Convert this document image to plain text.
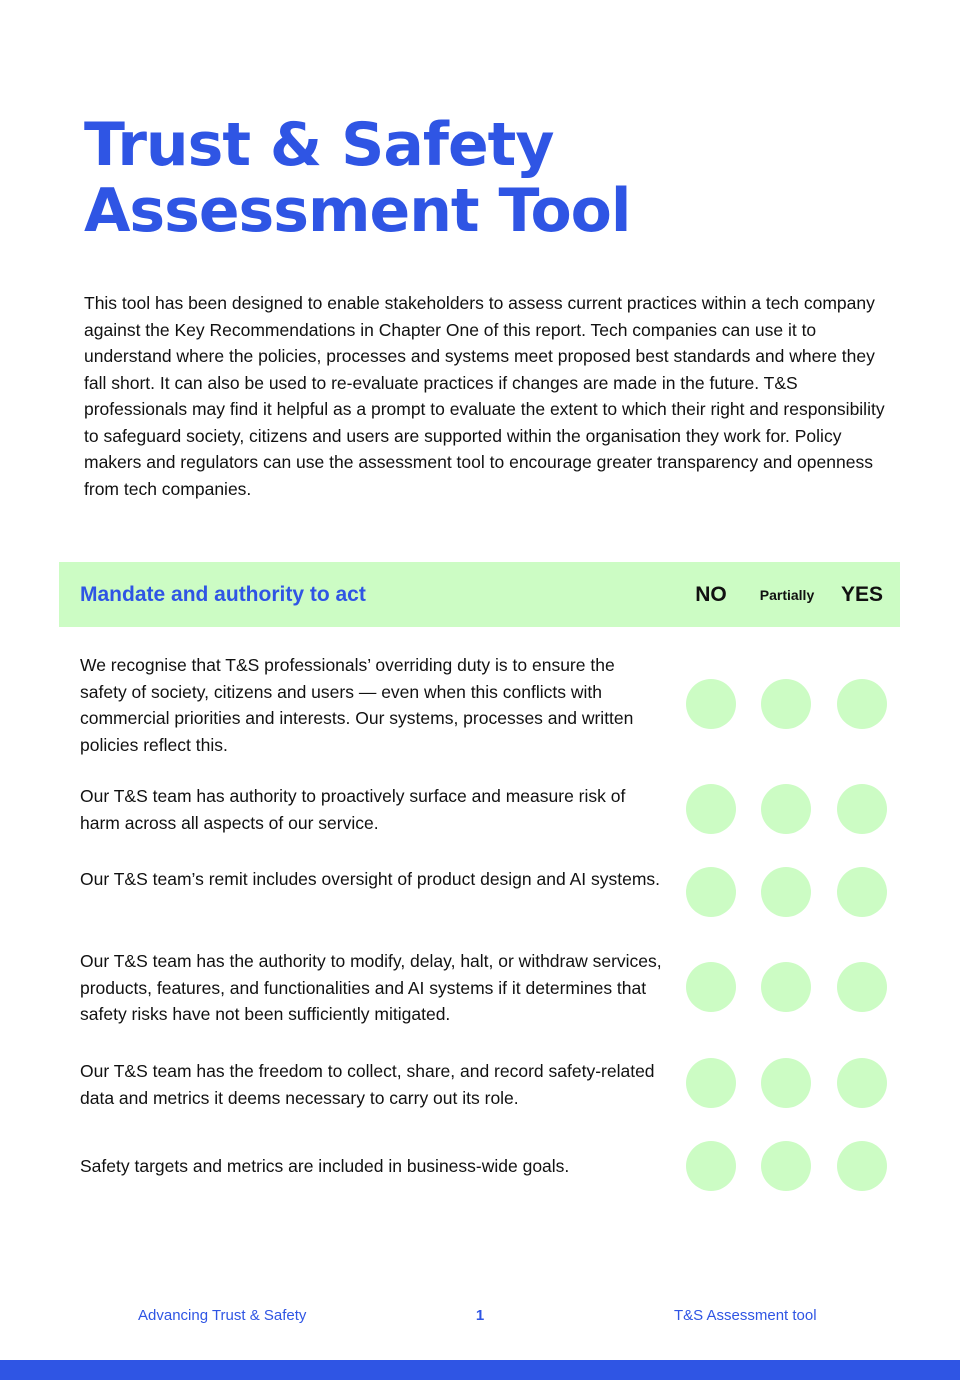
Trust & Safety
Assessment Tool

This tool has been designed to enable stakeholders to assess current practices within a tech company against the Key Recommendations in Chapter One of this report. Tech companies can use it to understand where the policies, processes and systems meet proposed best standards and where they fall short. It can also be used to re-evaluate practices if changes are made in the future. T&S professionals may find it helpful as a prompt to evaluate the extent to which their right and responsibility to safeguard society, citizens and users are supported within the organisation they work for. Policy makers and regulators can use the assessment tool to encourage greater transparency and openness from tech companies.

Mandate and authority to act	NO	Partially	YES

We recognise that T&S professionals’ overriding duty is to ensure the safety of society, citizens and users — even when this conflicts with commercial priorities and interests. Our systems, processes and written policies reflect this.

Our T&S team has authority to proactively surface and measure risk of harm across all aspects of our service.

Our T&S team’s remit includes oversight of product design and AI systems.

Our T&S team has the authority to modify, delay, halt, or withdraw services, products, features, and functionalities and AI systems if it determines that safety risks have not been sufficiently mitigated.

Our T&S team has the freedom to collect, share, and record safety-related data and metrics it deems necessary to carry out its role.

Safety targets and metrics are included in business-wide goals.

Advancing Trust & Safety	1	T&S Assessment tool
